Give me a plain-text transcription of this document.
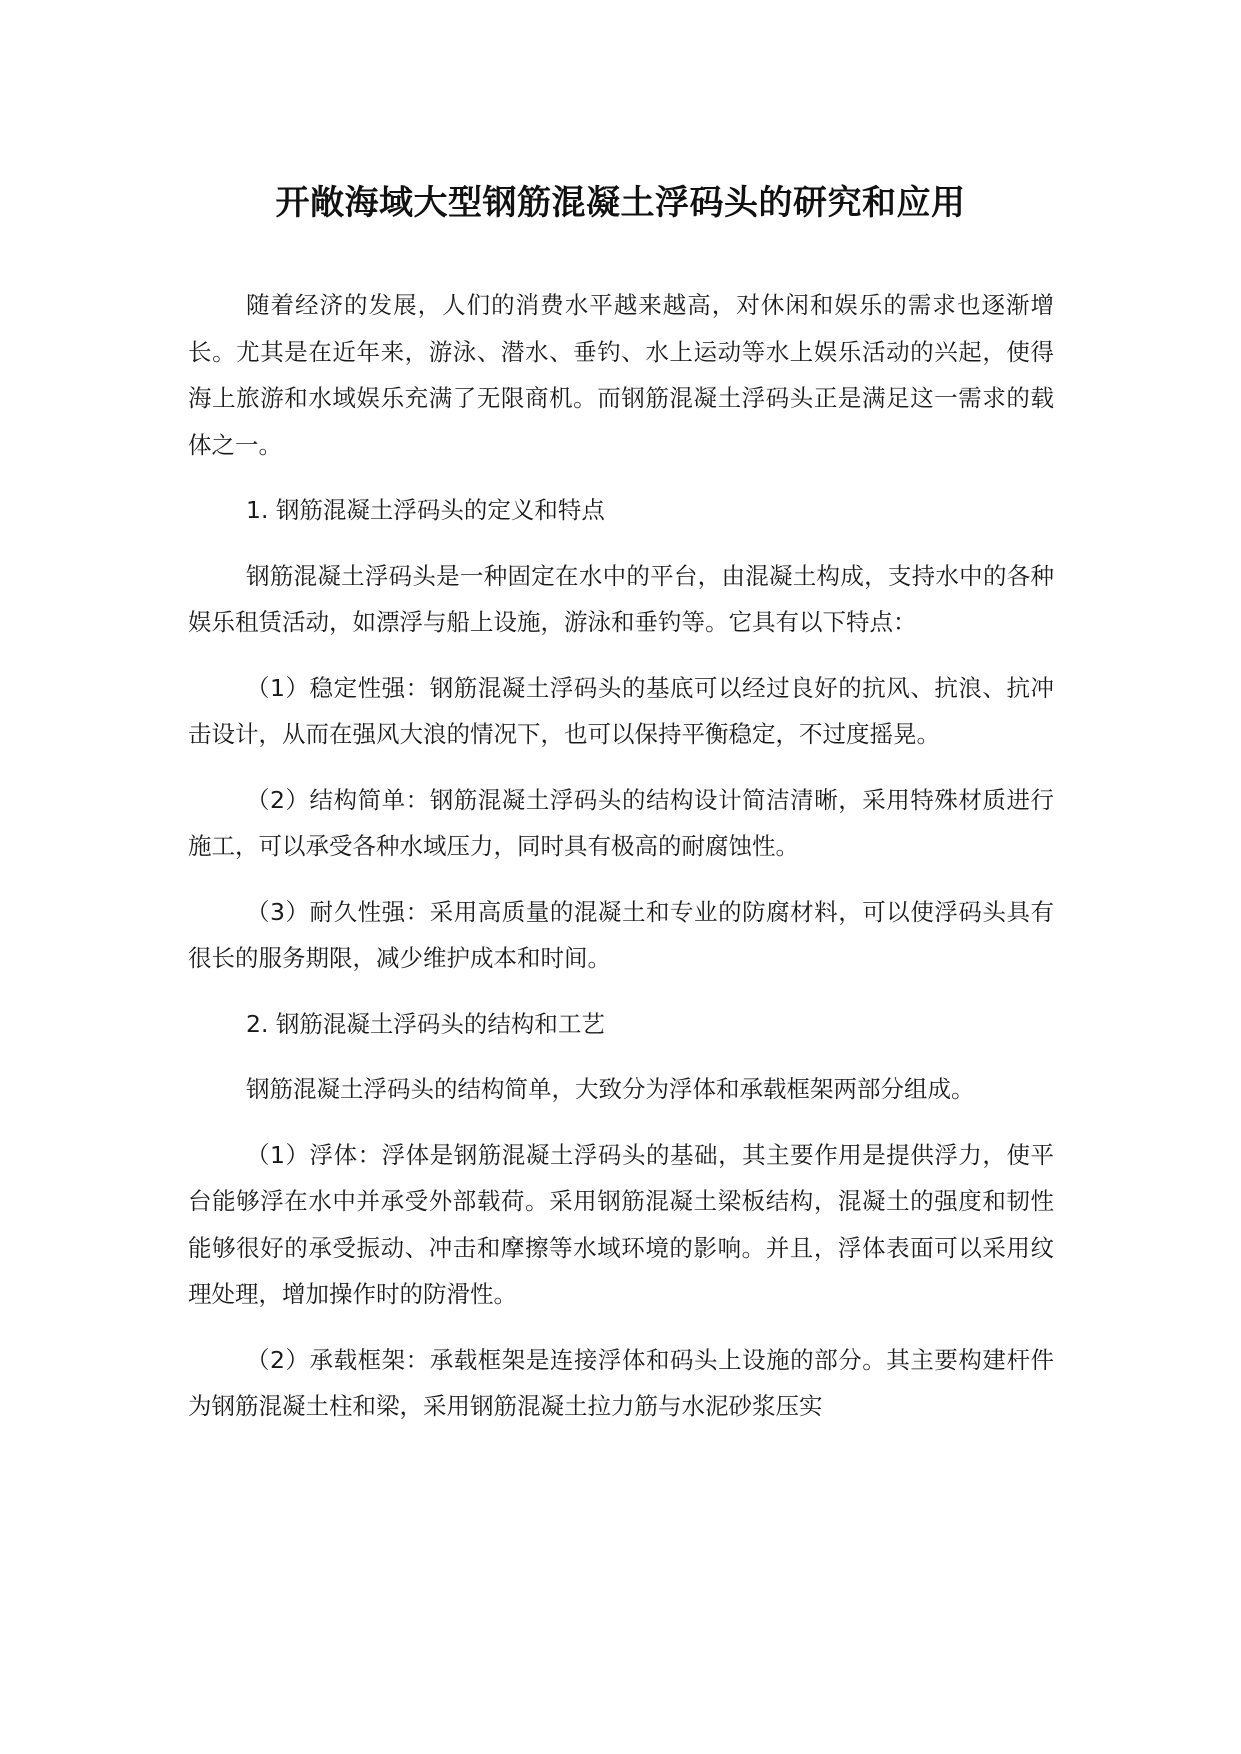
开敞海域大型钢筋混凝土浮码头的研究和应用

随着经济的发展，人们的消费水平越来越高，对休闲和娱乐的需求也逐渐增长。尤其是在近年来，游泳、潜水、垂钓、水上运动等水上娱乐活动的兴起，使得海上旅游和水域娱乐充满了无限商机。而钢筋混凝土浮码头正是满足这一需求的载体之一。

1. 钢筋混凝土浮码头的定义和特点

钢筋混凝土浮码头是一种固定在水中的平台，由混凝土构成，支持水中的各种娱乐租赁活动，如漂浮与船上设施，游泳和垂钓等。它具有以下特点：

（1）稳定性强：钢筋混凝土浮码头的基底可以经过良好的抗风、抗浪、抗冲击设计，从而在强风大浪的情况下，也可以保持平衡稳定，不过度摇晃。

（2）结构简单：钢筋混凝土浮码头的结构设计简洁清晰，采用特殊材质进行施工，可以承受各种水域压力，同时具有极高的耐腐蚀性。

（3）耐久性强：采用高质量的混凝土和专业的防腐材料，可以使浮码头具有很长的服务期限，减少维护成本和时间。

2. 钢筋混凝土浮码头的结构和工艺

钢筋混凝土浮码头的结构简单，大致分为浮体和承载框架两部分组成。

（1）浮体：浮体是钢筋混凝土浮码头的基础，其主要作用是提供浮力，使平台能够浮在水中并承受外部载荷。采用钢筋混凝土梁板结构，混凝土的强度和韧性能够很好的承受振动、冲击和摩擦等水域环境的影响。并且，浮体表面可以采用纹理处理，增加操作时的防滑性。

（2）承载框架：承载框架是连接浮体和码头上设施的部分。其主要构建杆件为钢筋混凝土柱和梁，采用钢筋混凝土拉力筋与水泥砂浆压实
